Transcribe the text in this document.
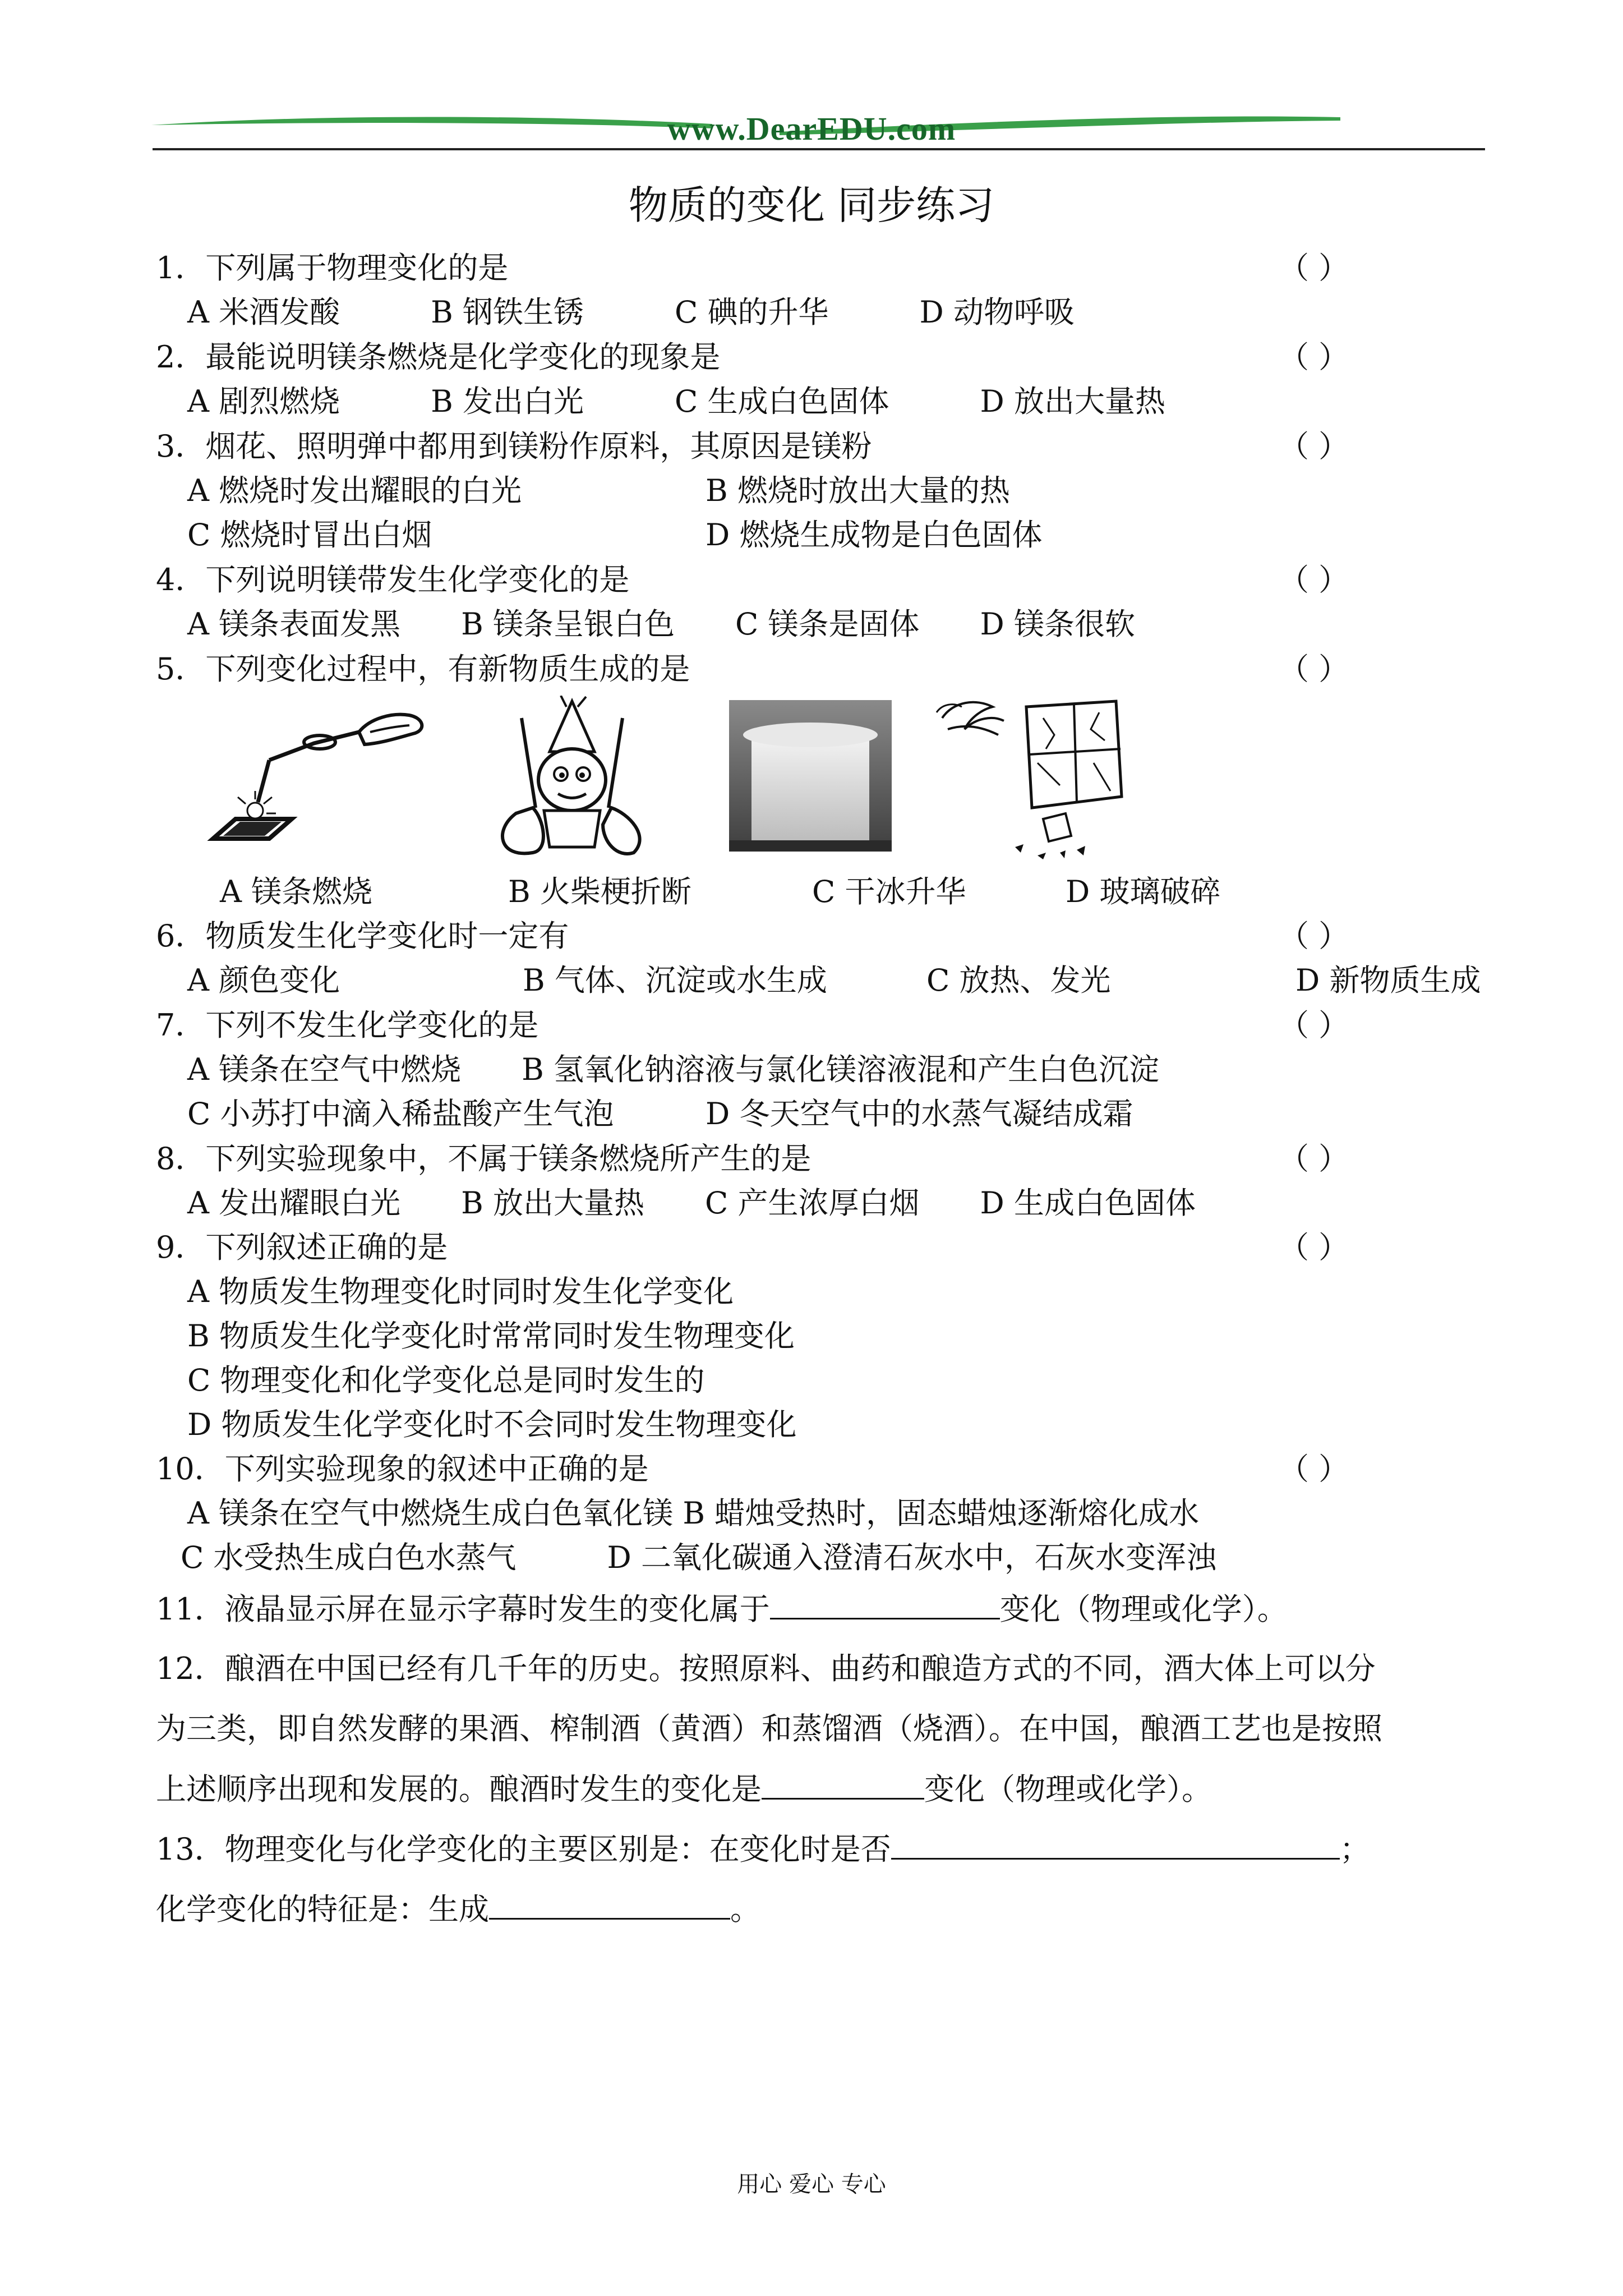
www.DearEDU.com
物质的变化 同步练习
1．下列属于物理变化的是	（ ）
A 米酒发酸　　　B 钢铁生锈　　　C 碘的升华　　　D 动物呼吸
2．最能说明镁条燃烧是化学变化的现象是	（ ）
A 剧烈燃烧　　　B 发出白光　　　C 生成白色固体　　　D 放出大量热
3．烟花、照明弹中都用到镁粉作原料，其原因是镁粉	（ ）
A 燃烧时发出耀眼的白光	B 燃烧时放出大量的热
C 燃烧时冒出白烟	D 燃烧生成物是白色固体
4．下列说明镁带发生化学变化的是	（ ）
A 镁条表面发黑　　B 镁条呈银白色　　C 镁条是固体　　D 镁条很软
5．下列变化过程中，有新物质生成的是	（ ）
A 镁条燃烧	B 火柴梗折断	C 干冰升华	D 玻璃破碎
6．物质发生化学变化时一定有	（ ）
A 颜色变化	B 气体、沉淀或水生成	C 放热、发光	D 新物质生成
7．下列不发生化学变化的是	（ ）
A 镁条在空气中燃烧　　B 氢氧化钠溶液与氯化镁溶液混和产生白色沉淀
C 小苏打中滴入稀盐酸产生气泡	D 冬天空气中的水蒸气凝结成霜
8．下列实验现象中，不属于镁条燃烧所产生的是	（ ）
A 发出耀眼白光　　B 放出大量热　　C 产生浓厚白烟　　D 生成白色固体
9．下列叙述正确的是	（ ）
A 物质发生物理变化时同时发生化学变化
B 物质发生化学变化时常常同时发生物理变化
C 物理变化和化学变化总是同时发生的
D 物质发生化学变化时不会同时发生物理变化
10．下列实验现象的叙述中正确的是	（ ）
A 镁条在空气中燃烧生成白色氧化镁 B 蜡烛受热时，固态蜡烛逐渐熔化成水
C 水受热生成白色水蒸气　　　D 二氧化碳通入澄清石灰水中，石灰水变浑浊
11．液晶显示屏在显示字幕时发生的变化属于	变化（物理或化学）。
12．酿酒在中国已经有几千年的历史。按照原料、曲药和酿造方式的不同，酒大体上可以分
为三类，即自然发酵的果酒、榨制酒（黄酒）和蒸馏酒（烧酒）。在中国，酿酒工艺也是按照
上述顺序出现和发展的。酿酒时发生的变化是	变化（物理或化学）。
13．物理变化与化学变化的主要区别是：在变化时是否	；
化学变化的特征是：生成	。
用心 爱心 专心
